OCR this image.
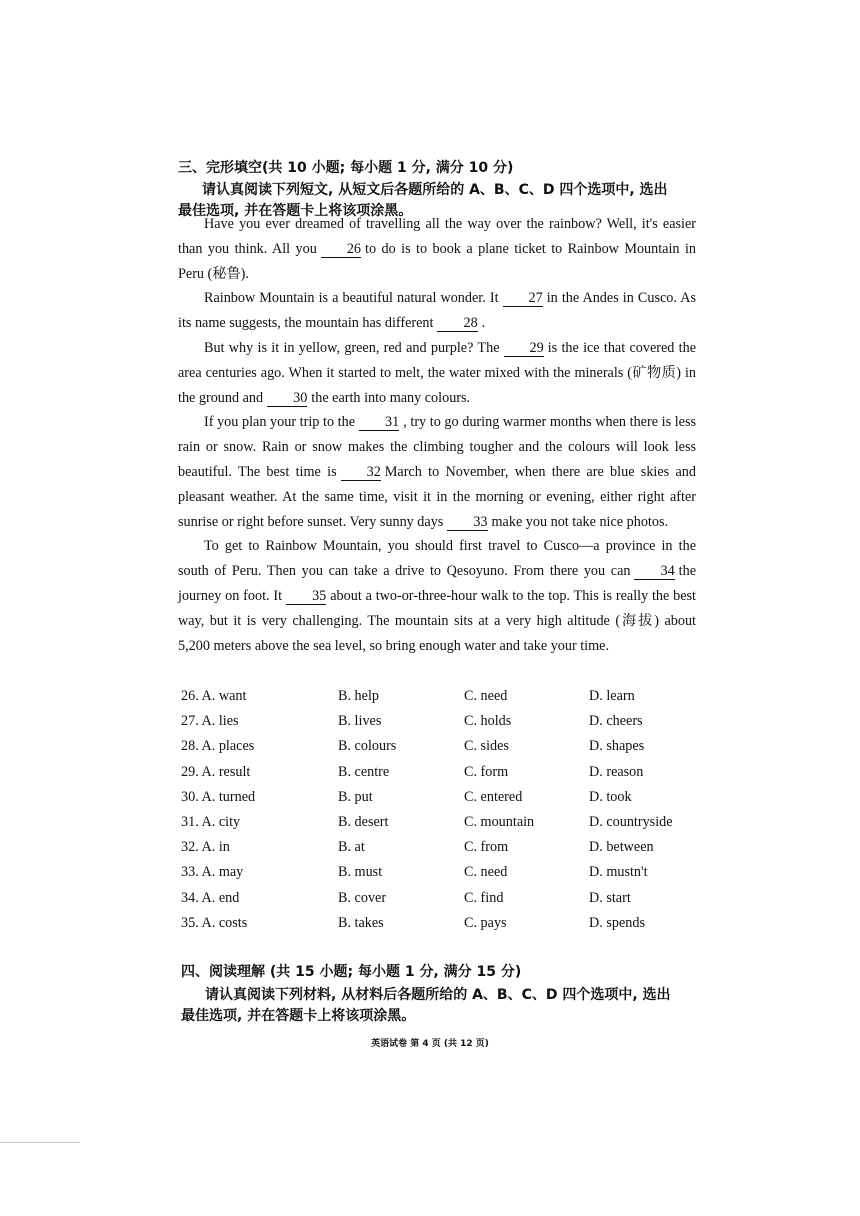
三、完形填空(共 10 小题; 每小题 1 分, 满分 10 分)
请认真阅读下列短文, 从短文后各题所给的 A、B、C、D 四个选项中, 选出
最佳选项, 并在答题卡上将该项涂黑。

Have you ever dreamed of travelling all the way over the rainbow? Well, it's easier than you think. All you 26 to do is to book a plane ticket to Rainbow Mountain in Peru (秘鲁).

Rainbow Mountain is a beautiful natural wonder. It 27 in the Andes in Cusco. As its name suggests, the mountain has different 28 .

But why is it in yellow, green, red and purple? The 29 is the ice that covered the area centuries ago. When it started to melt, the water mixed with the minerals (矿物质) in the ground and 30 the earth into many colours.

If you plan your trip to the 31 , try to go during warmer months when there is less rain or snow. Rain or snow makes the climbing tougher and the colours will look less beautiful. The best time is 32 March to November, when there are blue skies and pleasant weather. At the same time, visit it in the morning or evening, either right after sunrise or right before sunset. Very sunny days 33 make you not take nice photos.

To get to Rainbow Mountain, you should first travel to Cusco—a province in the south of Peru. Then you can take a drive to Qesoyuno. From there you can 34 the journey on foot. It 35 about a two-or-three-hour walk to the top. This is really the best way, but it is very challenging. The mountain sits at a very high altitude (海拔) about 5,200 meters above the sea level, so bring enough water and take your time.

26. A. want	B. help	C. need	D. learn
27. A. lies	B. lives	C. holds	D. cheers
28. A. places	B. colours	C. sides	D. shapes
29. A. result	B. centre	C. form	D. reason
30. A. turned	B. put	C. entered	D. took
31. A. city	B. desert	C. mountain	D. countryside
32. A. in	B. at	C. from	D. between
33. A. may	B. must	C. need	D. mustn't
34. A. end	B. cover	C. find	D. start
35. A. costs	B. takes	C. pays	D. spends
四、阅读理解 (共 15 小题; 每小题 1 分, 满分 15 分)
请认真阅读下列材料, 从材料后各题所给的 A、B、C、D 四个选项中, 选出
最佳选项, 并在答题卡上将该项涂黑。
英语试卷 第 4 页 (共 12 页)
